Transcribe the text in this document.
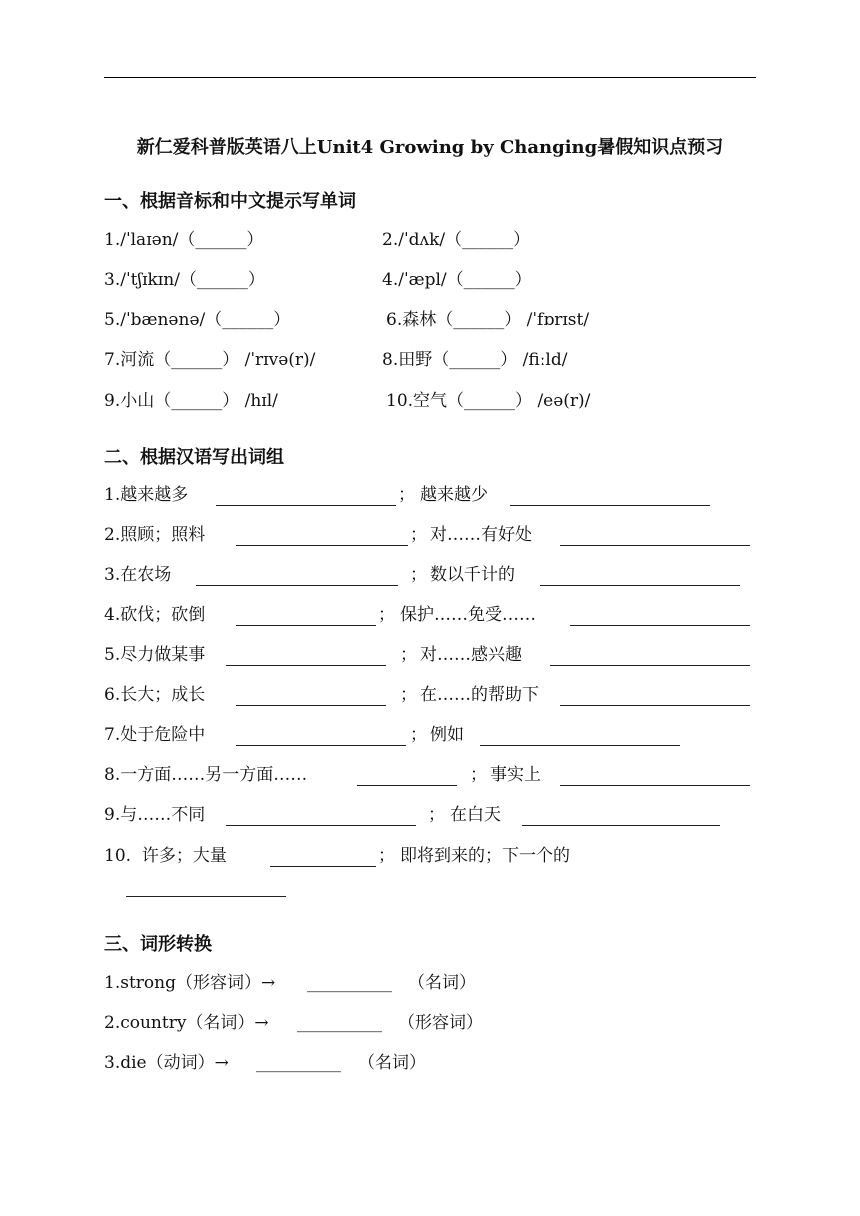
新仁爱科普版英语八上Unit4 Growing by Changing暑假知识点预习
一、根据音标和中文提示写单词
1./ˈlaɪən/（______）	2./ˈdʌk/（______）
3./ˈtʃɪkɪn/（______）	4./ˈæpl/（______）
5./ˈbænənə/（______）	6.森林（______） /ˈfɒrɪst/
7.河流（______） /ˈrɪvə(r)/	8.田野（______） /fiːld/
9.小山（______） /hɪl/	10.空气（______） /eə(r)/
二、根据汉语写出词组
1.越来越多	； 越来越少
2.照顾；照料	； 对……有好处
3.在农场	； 数以千计的
4.砍伐；砍倒	； 保护……免受……
5.尽力做某事	； 对……感兴趣
6.长大；成长	； 在……的帮助下
7.处于危险中	； 例如
8.一方面……另一方面……	； 事实上
9.与……不同	； 在白天
10.  许多；大量	； 即将到来的；下一个的
三、词形转换
1.strong（形容词）→ __________ （名词）
2.country（名词）→ __________ （形容词）
3.die（动词）→ __________ （名词）
